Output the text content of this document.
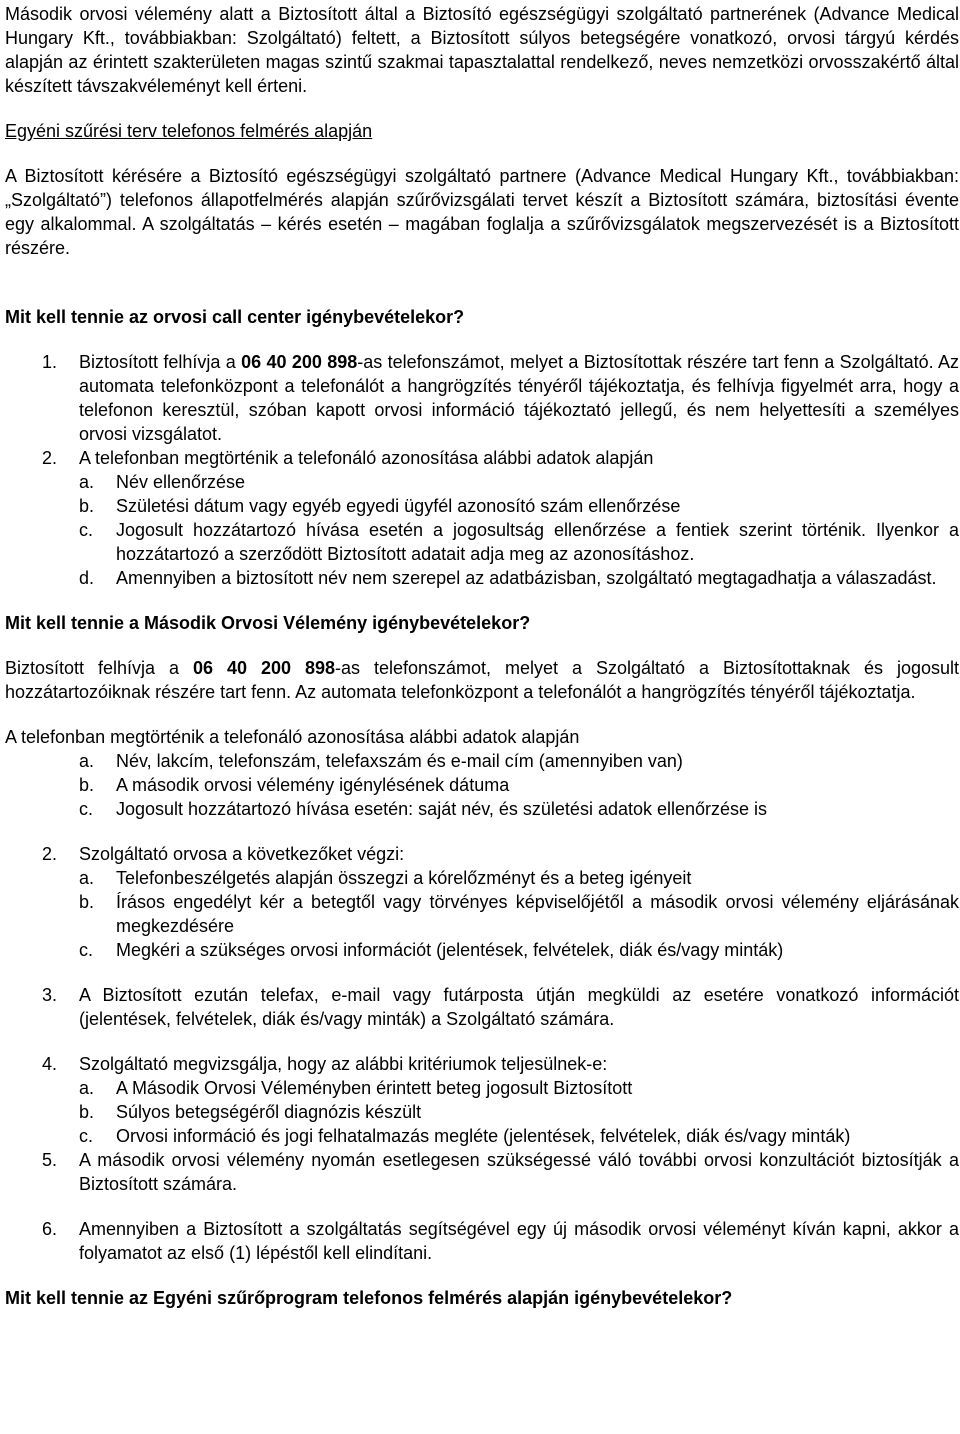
Második orvosi vélemény alatt a Biztosított által a Biztosító egészségügyi szolgáltató partnerének (Advance Medical Hungary Kft., továbbiakban: Szolgáltató) feltett, a Biztosított súlyos betegségére vonatkozó, orvosi tárgyú kérdés alapján az érintett szakterületen magas szintű szakmai tapasztalattal rendelkező, neves nemzetközi orvosszakértő által készített távszakvéleményt kell érteni.

Egyéni szűrési terv telefonos felmérés alapján

A Biztosított kérésére a Biztosító egészségügyi szolgáltató partnere (Advance Medical Hungary Kft., továbbiakban: „Szolgáltató”) telefonos állapotfelmérés alapján szűrővizsgálati tervet készít a Biztosított számára, biztosítási évente egy alkalommal. A szolgáltatás – kérés esetén – magában foglalja a szűrővizsgálatok megszervezését is a Biztosított részére.

Mit kell tennie az orvosi call center igénybevételekor?

1.	Biztosított felhívja a 06 40 200 898-as telefonszámot, melyet a Biztosítottak részére tart fenn a Szolgáltató. Az automata telefonközpont a telefonálót a hangrögzítés tényéről tájékoztatja, és felhívja figyelmét arra, hogy a telefonon keresztül, szóban kapott orvosi információ tájékoztató jellegű, és nem helyettesíti a személyes orvosi vizsgálatot.
2.	A telefonban megtörténik a telefonáló azonosítása alábbi adatok alapján
a.	Név ellenőrzése
b.	Születési dátum vagy egyéb egyedi ügyfél azonosító szám ellenőrzése
c.	Jogosult hozzátartozó hívása esetén a jogosultság ellenőrzése a fentiek szerint történik. Ilyenkor a hozzátartozó a szerződött Biztosított adatait adja meg az azonosításhoz.
d.	Amennyiben a biztosított név nem szerepel az adatbázisban, szolgáltató megtagadhatja a válaszadást.

Mit kell tennie a Második Orvosi Vélemény igénybevételekor?

Biztosított felhívja a 06 40 200 898-as telefonszámot, melyet a Szolgáltató a Biztosítottaknak és jogosult hozzátartozóiknak részére tart fenn. Az automata telefonközpont a telefonálót a hangrögzítés tényéről tájékoztatja.

A telefonban megtörténik a telefonáló azonosítása alábbi adatok alapján

a.	Név, lakcím, telefonszám, telefaxszám és e-mail cím (amennyiben van)
b.	A második orvosi vélemény igénylésének dátuma
c.	Jogosult hozzátartozó hívása esetén: saját név, és születési adatok ellenőrzése is
2.	Szolgáltató orvosa a következőket végzi:
a.	Telefonbeszélgetés alapján összegzi a kórelőzményt és a beteg igényeit
b.	Írásos engedélyt kér a betegtől vagy törvényes képviselőjétől a második orvosi vélemény eljárásának megkezdésére
c.	Megkéri a szükséges orvosi információt (jelentések, felvételek, diák és/vagy minták)
3.	A Biztosított ezután telefax, e-mail vagy futárposta útján megküldi az esetére vonatkozó információt (jelentések, felvételek, diák és/vagy minták) a Szolgáltató számára.
4.	Szolgáltató megvizsgálja, hogy az alábbi kritériumok teljesülnek-e:
a.	A Második Orvosi Véleményben érintett beteg jogosult Biztosított
b.	Súlyos betegségéről diagnózis készült
c.	Orvosi információ és jogi felhatalmazás megléte (jelentések, felvételek, diák és/vagy minták)
5.	A második orvosi vélemény nyomán esetlegesen szükségessé váló további orvosi konzultációt biztosítják a Biztosított számára.
6.	Amennyiben a Biztosított a szolgáltatás segítségével egy új második orvosi véleményt kíván kapni, akkor a folyamatot az első (1) lépéstől kell elindítani.

Mit kell tennie az Egyéni szűrőprogram telefonos felmérés alapján igénybevételekor?
